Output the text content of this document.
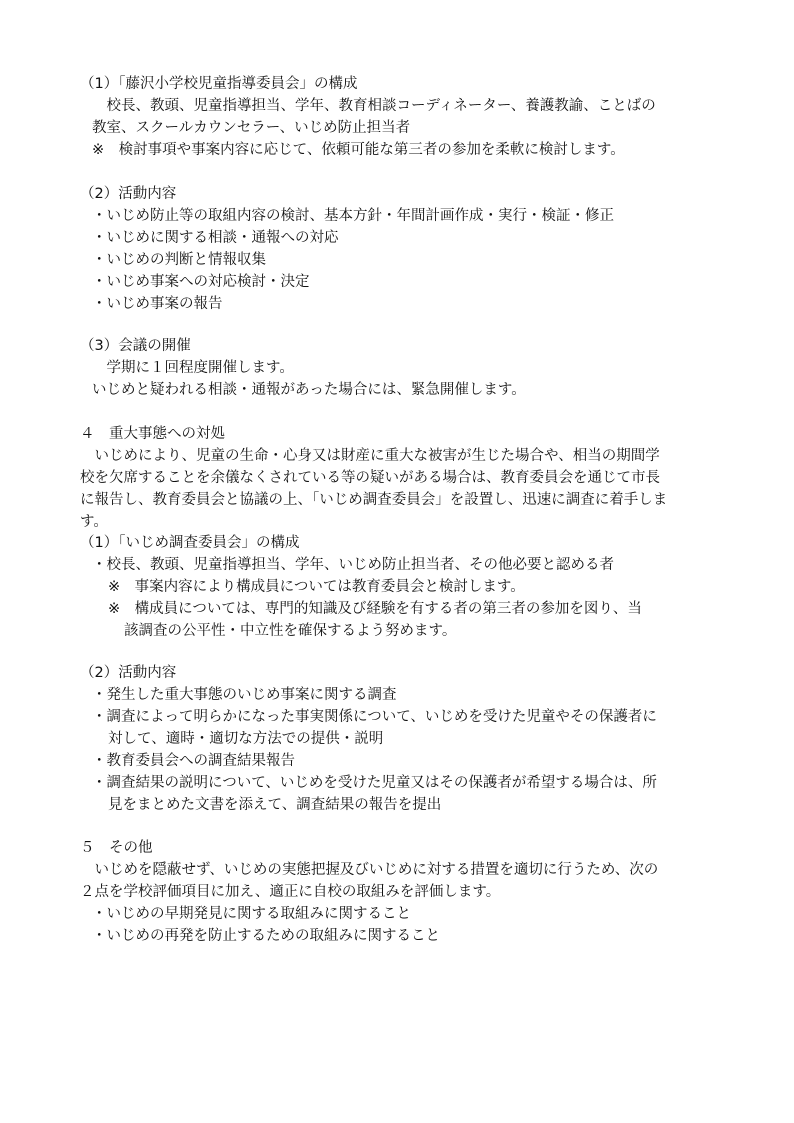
（1）「藤沢小学校児童指導委員会」の構成
　校長、教頭、児童指導担当、学年、教育相談コーディネーター、養護教諭、ことばの
教室、スクールカウンセラー、いじめ防止担当者
※　検討事項や事案内容に応じて、依頼可能な第三者の参加を柔軟に検討します。
（2）活動内容
・いじめ防止等の取組内容の検討、基本方針・年間計画作成・実行・検証・修正
・いじめに関する相談・通報への対応
・いじめの判断と情報収集
・いじめ事案への対応検討・決定
・いじめ事案の報告
（3）会議の開催
　学期に１回程度開催します。
いじめと疑われる相談・通報があった場合には、緊急開催します。
４　重大事態への対処
　いじめにより、児童の生命・心身又は財産に重大な被害が生じた場合や、相当の期間学
校を欠席することを余儀なくされている等の疑いがある場合は、教育委員会を通じて市長
に報告し、教育委員会と協議の上、「いじめ調査委員会」を設置し、迅速に調査に着手しま
す。
（1）「いじめ調査委員会」の構成
・校長、教頭、児童指導担当、学年、いじめ防止担当者、その他必要と認める者
※　事案内容により構成員については教育委員会と検討します。
※　構成員については、専門的知識及び経験を有する者の第三者の参加を図り、当
該調査の公平性・中立性を確保するよう努めます。
（2）活動内容
・発生した重大事態のいじめ事案に関する調査
・調査によって明らかになった事実関係について、いじめを受けた児童やその保護者に
対して、適時・適切な方法での提供・説明
・教育委員会への調査結果報告
・調査結果の説明について、いじめを受けた児童又はその保護者が希望する場合は、所
見をまとめた文書を添えて、調査結果の報告を提出
５　その他
　いじめを隠蔽せず、いじめの実態把握及びいじめに対する措置を適切に行うため、次の
２点を学校評価項目に加え、適正に自校の取組みを評価します。
・いじめの早期発見に関する取組みに関すること
・いじめの再発を防止するための取組みに関すること
